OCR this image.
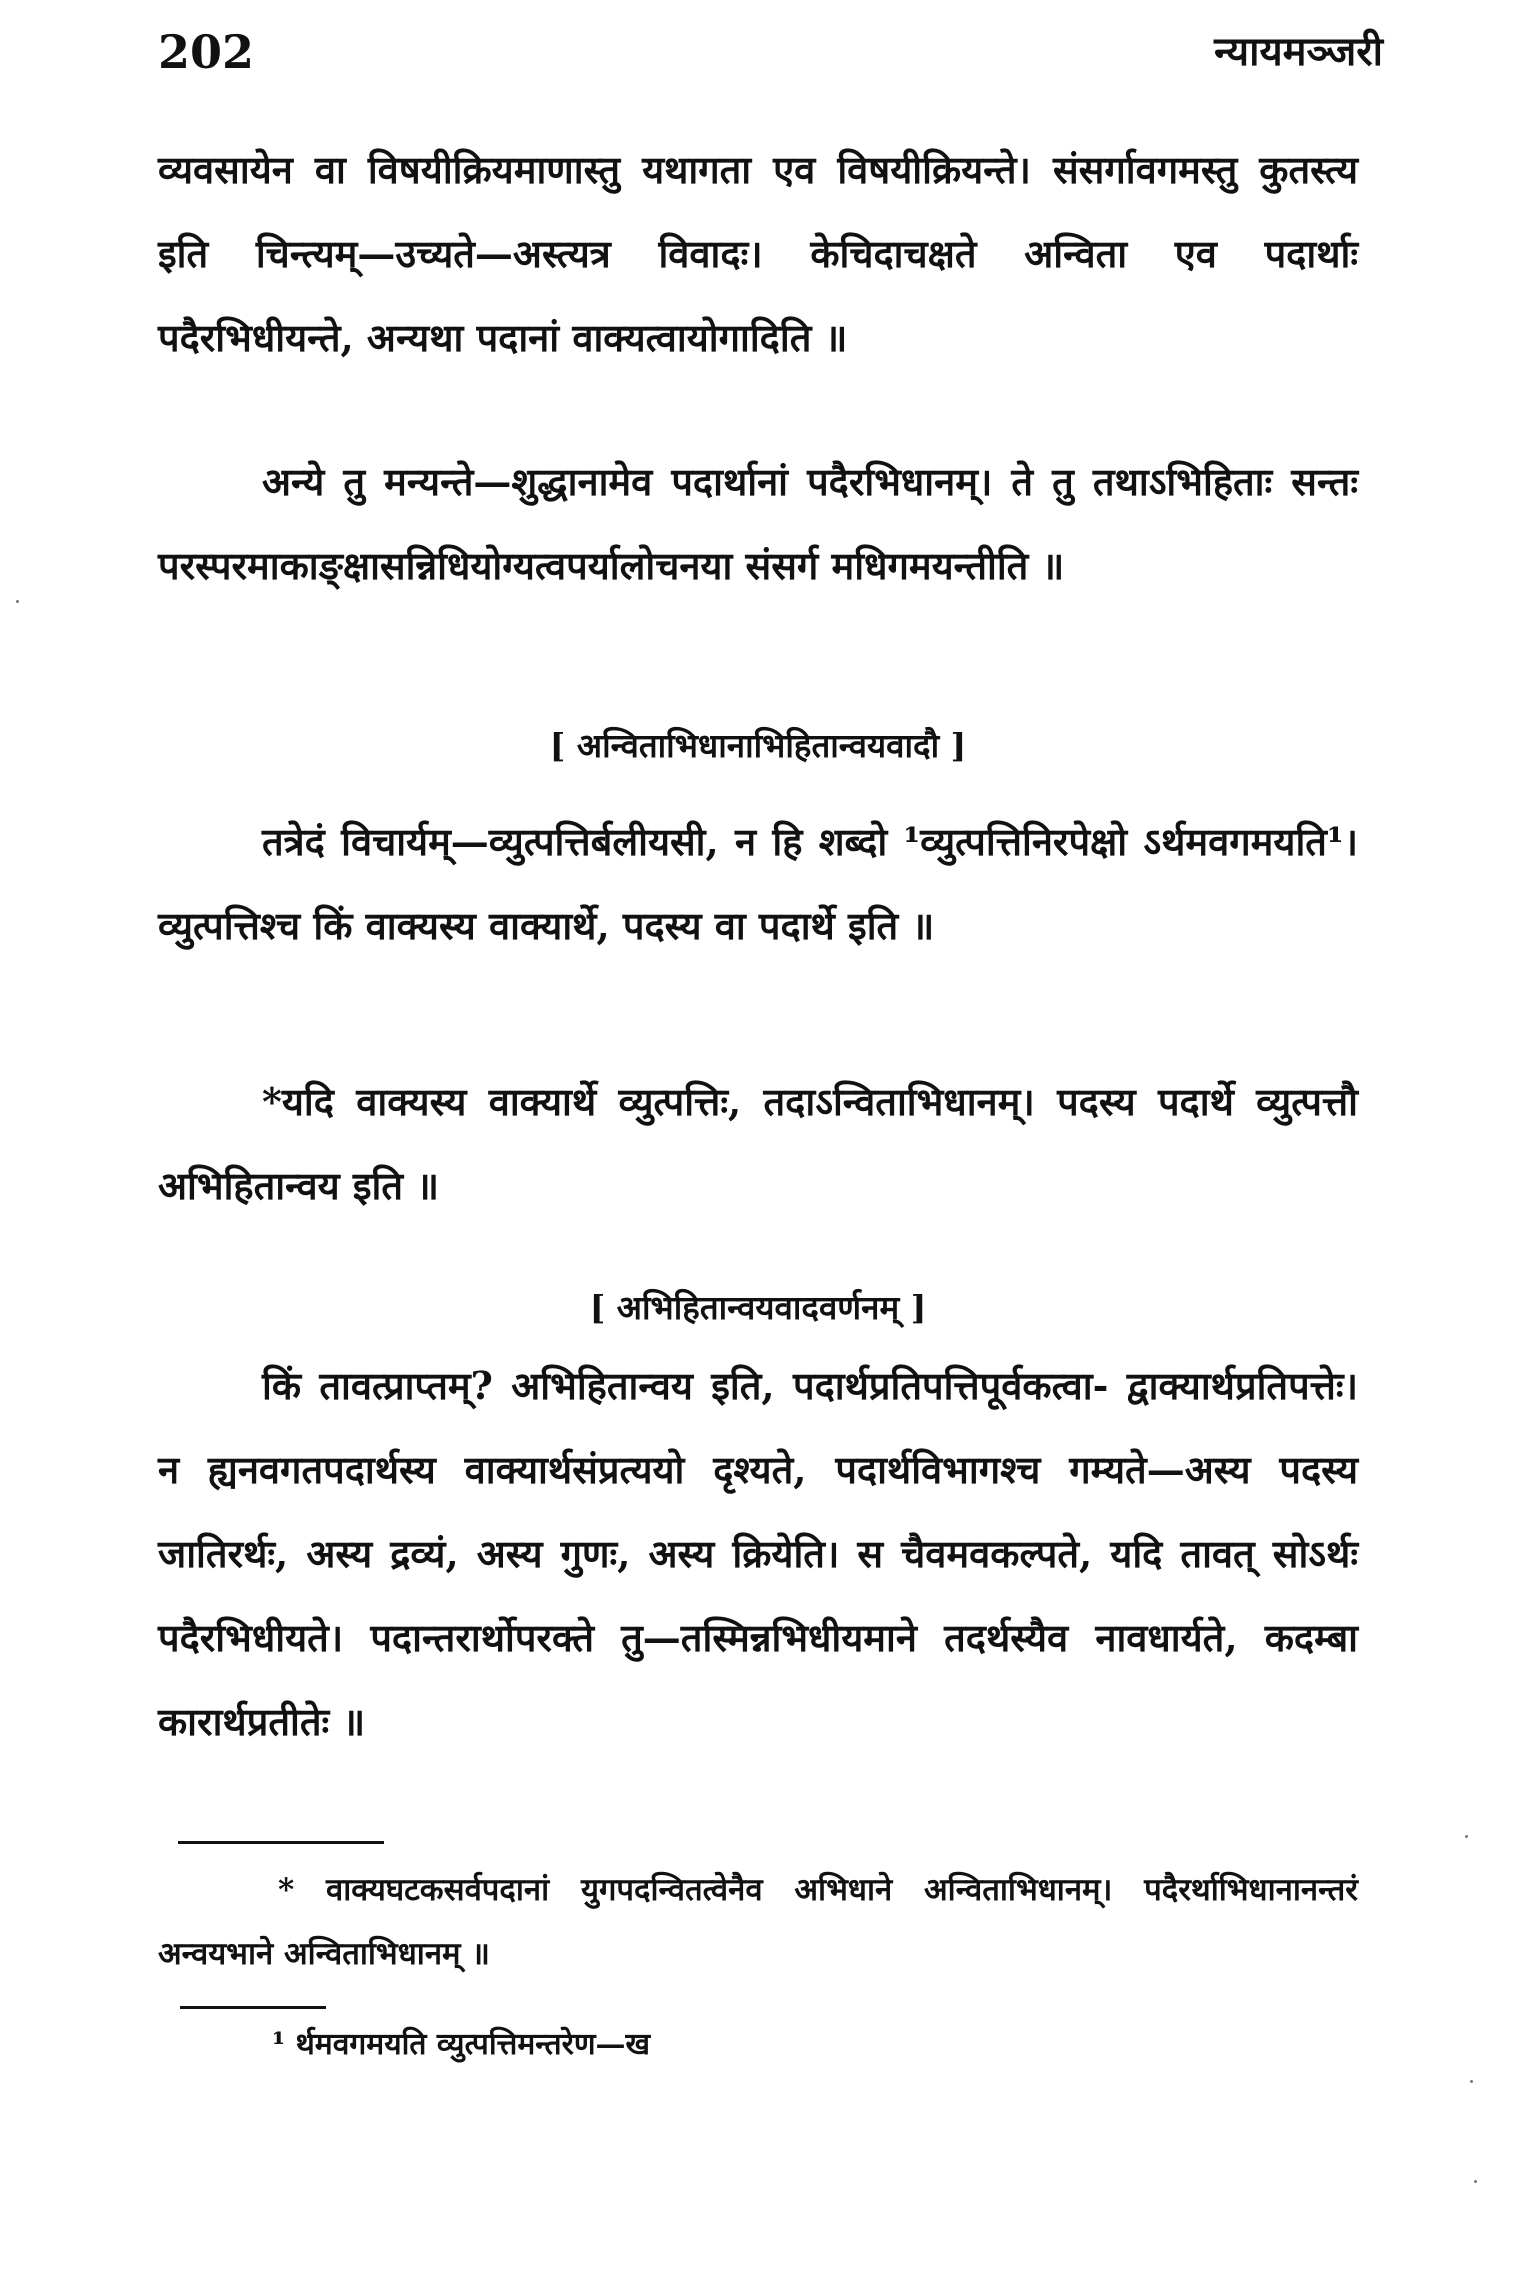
202	न्यायमञ्जरी

व्यवसायेन वा विषयीक्रियमाणास्तु यथागता एव विषयीक्रियन्ते। संसर्गावगमस्तु कुतस्त्य इति चिन्त्यम्—उच्यते—अस्त्यत्र विवादः। केचिदाचक्षते अन्विता एव पदार्थाः पदैरभिधीयन्ते, अन्यथा पदानां वाक्यत्वायोगादिति ॥

अन्ये तु मन्यन्ते—शुद्धानामेव पदार्थानां पदैरभिधानम्। ते तु तथाऽभिहिताः सन्तः परस्परमाकाङ्क्षासन्निधियोग्यत्वपर्यालोचनया संसर्ग मधिगमयन्तीति ॥

[ अन्विताभिधानाभिहितान्वयवादौ ]

तत्रेदं विचार्यम्—व्युत्पत्तिर्बलीयसी, न हि शब्दो ¹व्युत्पत्तिनिरपेक्षो ऽर्थमवगमयति¹। व्युत्पत्तिश्च किं वाक्यस्य वाक्यार्थे, पदस्य वा पदार्थे इति ॥

*यदि वाक्यस्य वाक्यार्थे व्युत्पत्तिः, तदाऽन्विताभिधानम्। पदस्य पदार्थे व्युत्पत्तौ अभिहितान्वय इति ॥

[ अभिहितान्वयवादवर्णनम् ]

किं तावत्प्राप्तम्? अभिहितान्वय इति, पदार्थप्रतिपत्तिपूर्वकत्वा- द्वाक्यार्थप्रतिपत्तेः। न ह्यनवगतपदार्थस्य वाक्यार्थसंप्रत्ययो दृश्यते, पदार्थविभागश्च गम्यते—अस्य पदस्य जातिरर्थः, अस्य द्रव्यं, अस्य गुणः, अस्य क्रियेति। स चैवमवकल्पते, यदि तावत् सोऽर्थः पदैरभिधीयते। पदान्तरार्थोपरक्ते तु—तस्मिन्नभिधीयमाने तदर्थस्यैव नावधार्यते, कदम्बा कारार्थप्रतीतेः ॥

* वाक्यघटकसर्वपदानां युगपदन्वितत्वेनैव अभिधाने अन्विताभिधानम्। पदैरर्थाभिधानानन्तरं अन्वयभाने अन्विताभिधानम् ॥

¹ र्थमवगमयति व्युत्पत्तिमन्तरेण—ख
